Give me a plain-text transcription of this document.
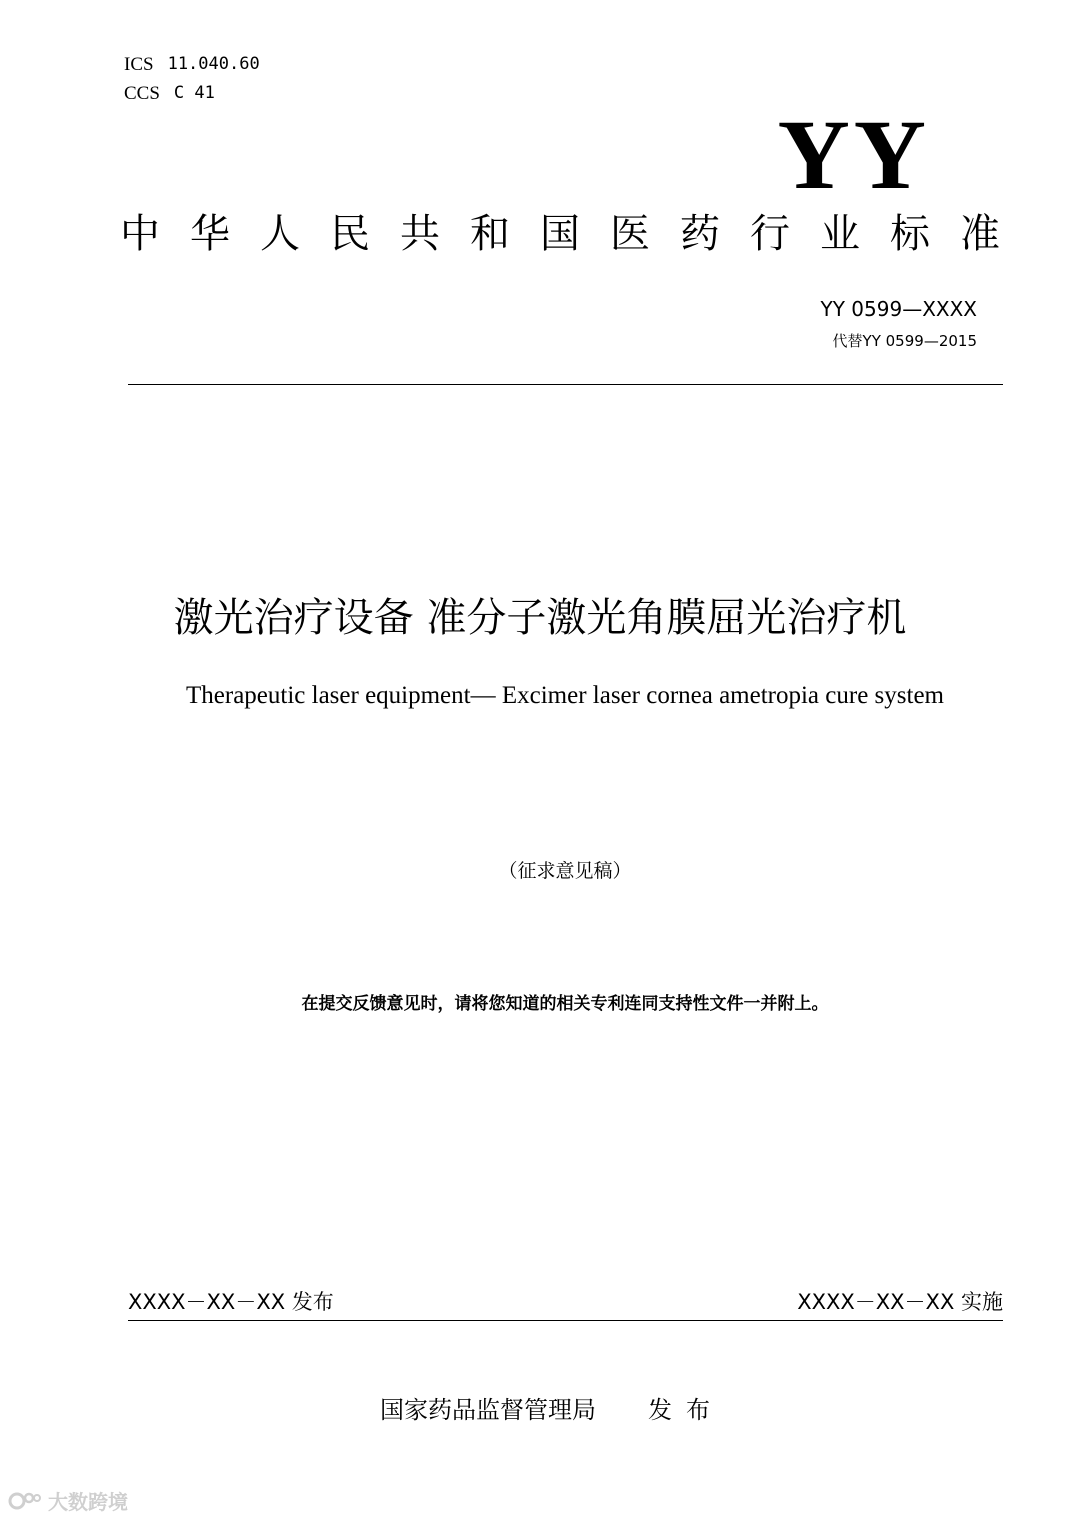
ICS 11.040.60
CCS C 41
YY
中 华 人 民 共 和 国 医 药 行 业 标 准
YY 0599—XXXX
代替YY 0599—2015
激光治疗设备 准分子激光角膜屈光治疗机
Therapeutic laser equipment— Excimer laser cornea ametropia cure system
（征求意见稿）
在提交反馈意见时，请将您知道的相关专利连同支持性文件一并附上。
XXXX－XX－XX 发布	XXXX－XX－XX 实施
国家药品监督管理局 发布
大数跨境
